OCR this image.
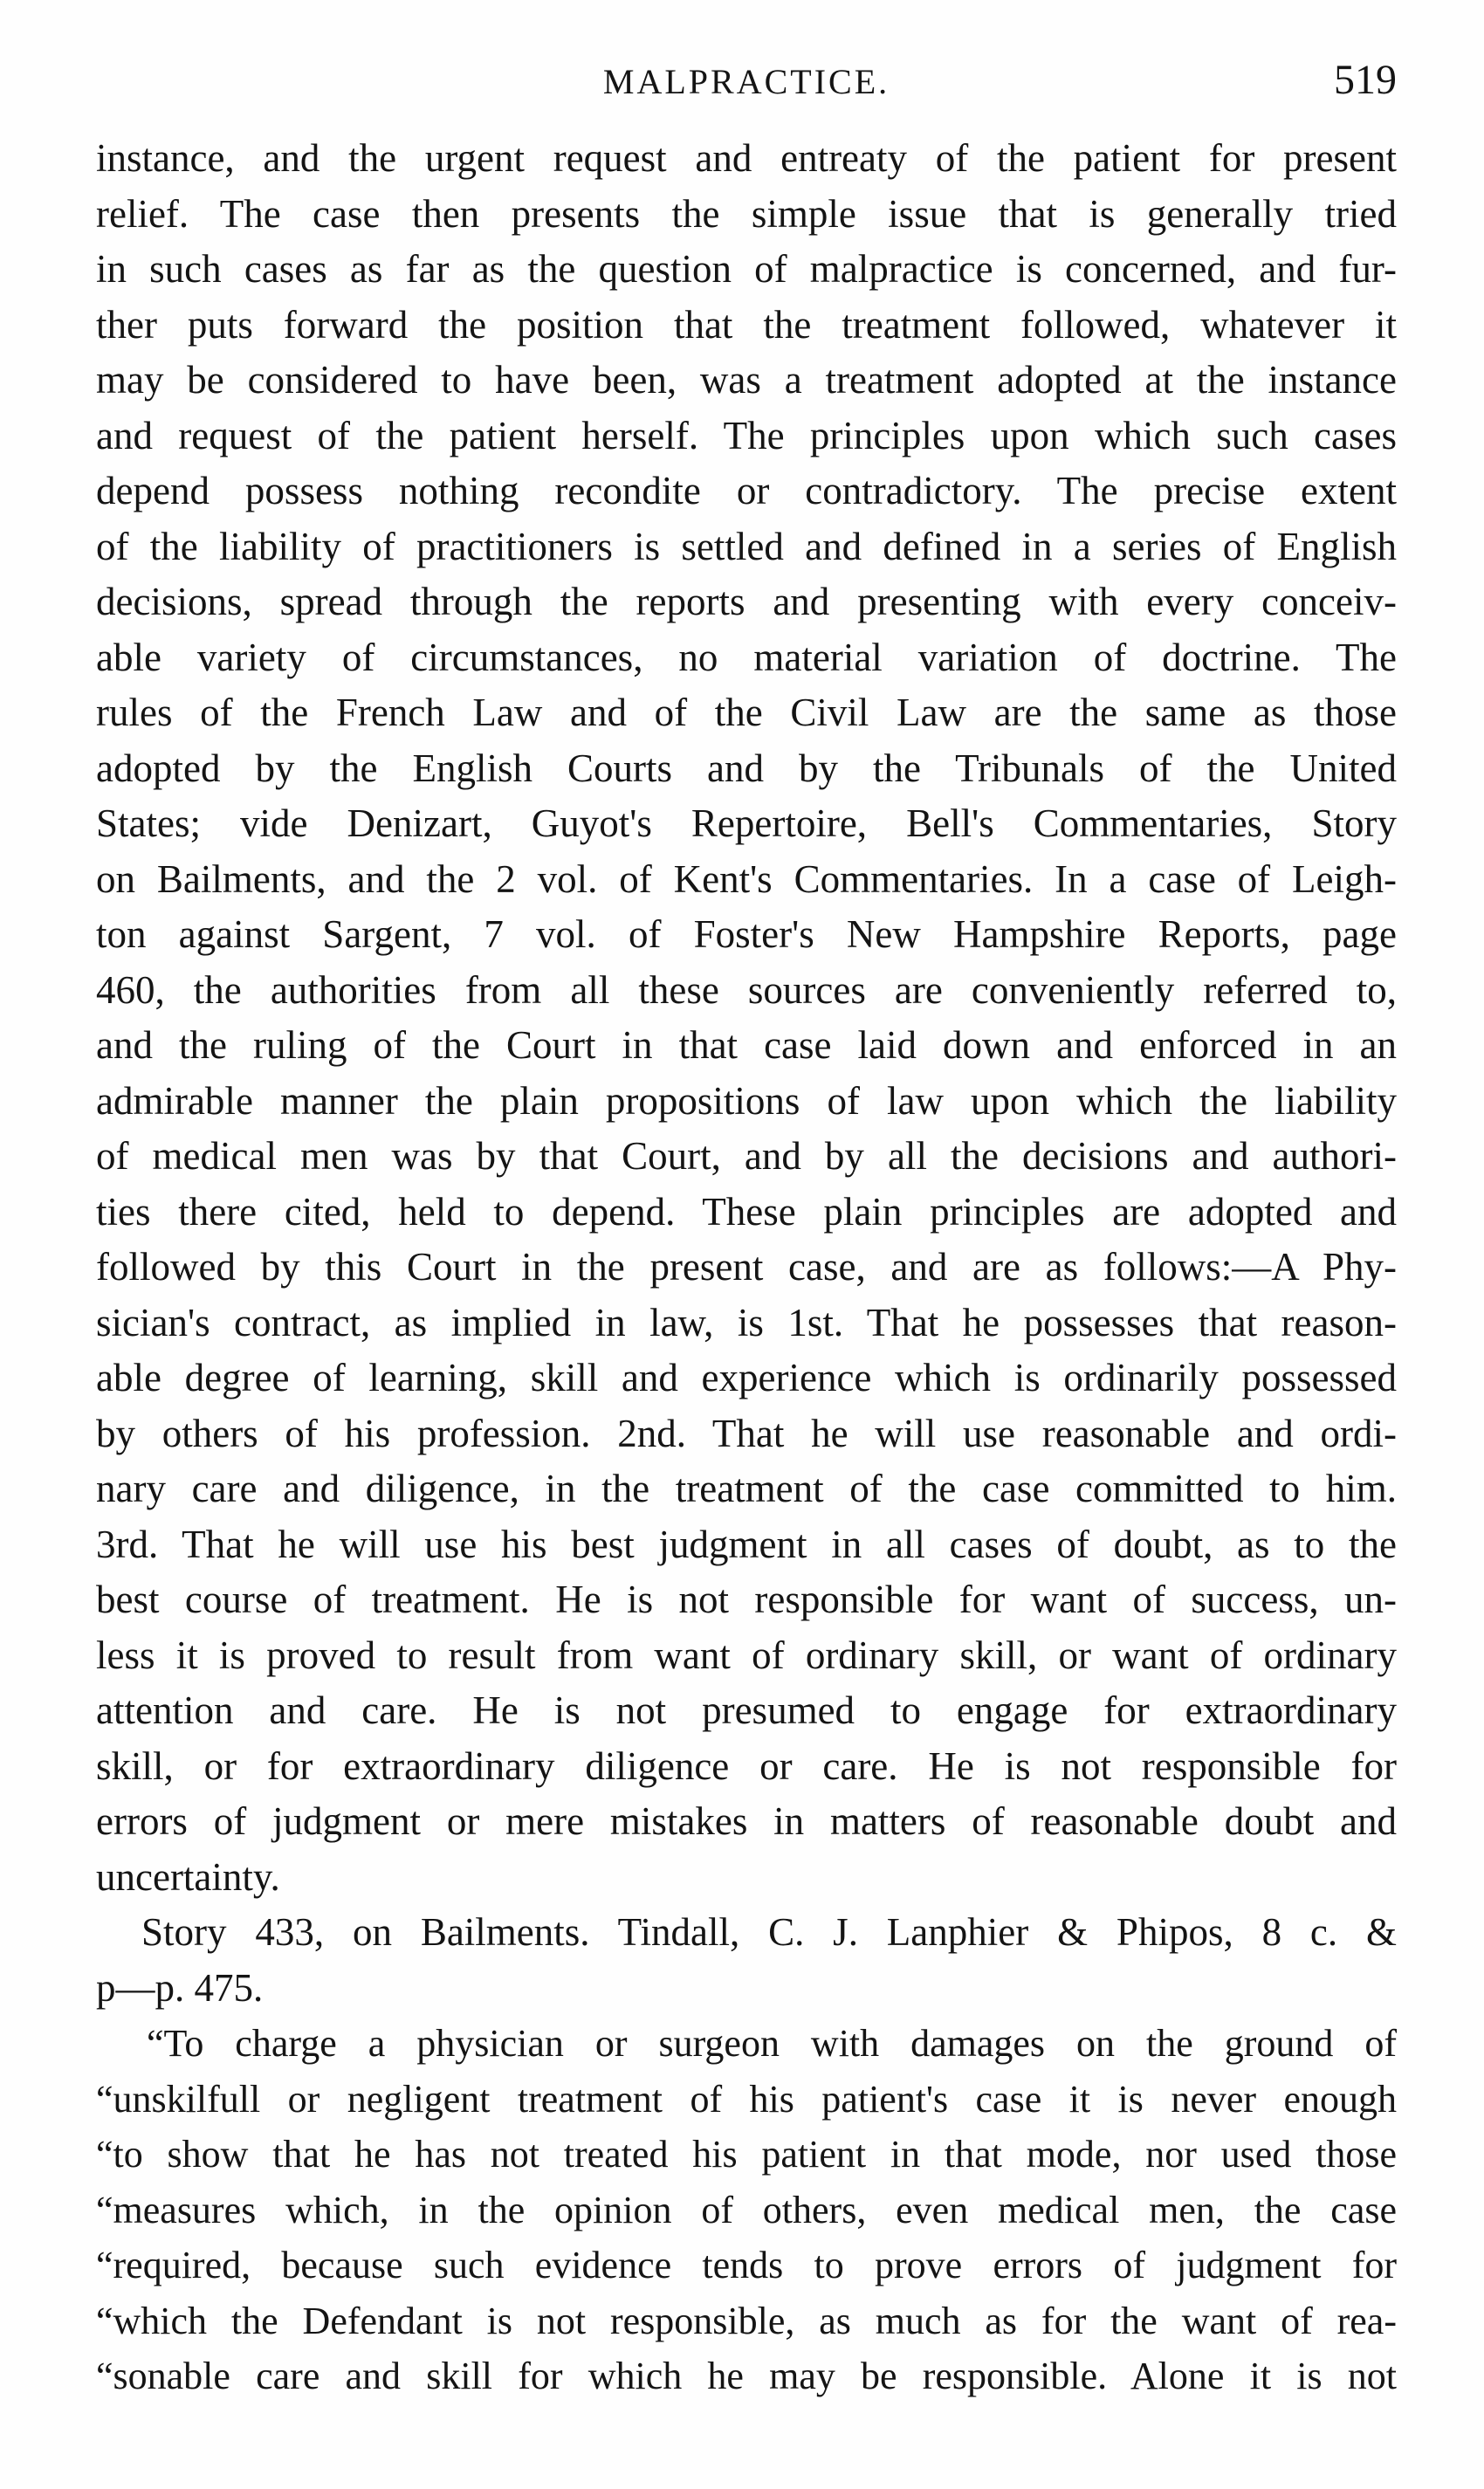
MALPRACTICE.	519
instance, and the urgent request and entreaty of the patient for present
relief. The case then presents the simple issue that is generally tried
in such cases as far as the question of malpractice is concerned, and fur-
ther puts forward the position that the treatment followed, whatever it
may be considered to have been, was a treatment adopted at the instance
and request of the patient herself. The principles upon which such cases
depend possess nothing recondite or contradictory. The precise extent
of the liability of practitioners is settled and defined in a series of English
decisions, spread through the reports and presenting with every conceiv-
able variety of circumstances, no material variation of doctrine. The
rules of the French Law and of the Civil Law are the same as those
adopted by the English Courts and by the Tribunals of the United
States; vide Denizart, Guyot's Repertoire, Bell's Commentaries, Story
on Bailments, and the 2 vol. of Kent's Commentaries. In a case of Leigh-
ton against Sargent, 7 vol. of Foster's New Hampshire Reports, page
460, the authorities from all these sources are conveniently referred to,
and the ruling of the Court in that case laid down and enforced in an
admirable manner the plain propositions of law upon which the liability
of medical men was by that Court, and by all the decisions and authori-
ties there cited, held to depend. These plain principles are adopted and
followed by this Court in the present case, and are as follows:—A Phy-
sician's contract, as implied in law, is 1st. That he possesses that reason-
able degree of learning, skill and experience which is ordinarily possessed
by others of his profession. 2nd. That he will use reasonable and ordi-
nary care and diligence, in the treatment of the case committed to him.
3rd. That he will use his best judgment in all cases of doubt, as to the
best course of treatment. He is not responsible for want of success, un-
less it is proved to result from want of ordinary skill, or want of ordinary
attention and care. He is not presumed to engage for extraordinary
skill, or for extraordinary diligence or care. He is not responsible for
errors of judgment or mere mistakes in matters of reasonable doubt and
uncertainty.
Story 433, on Bailments. Tindall, C. J. Lanphier & Phipos, 8 c. &
p—p. 475.
“To charge a physician or surgeon with damages on the ground of
“unskilfull or negligent treatment of his patient's case it is never enough
“to show that he has not treated his patient in that mode, nor used those
“measures which, in the opinion of others, even medical men, the case
“required, because such evidence tends to prove errors of judgment for
“which the Defendant is not responsible, as much as for the want of rea-
“sonable care and skill for which he may be responsible. Alone it is not
